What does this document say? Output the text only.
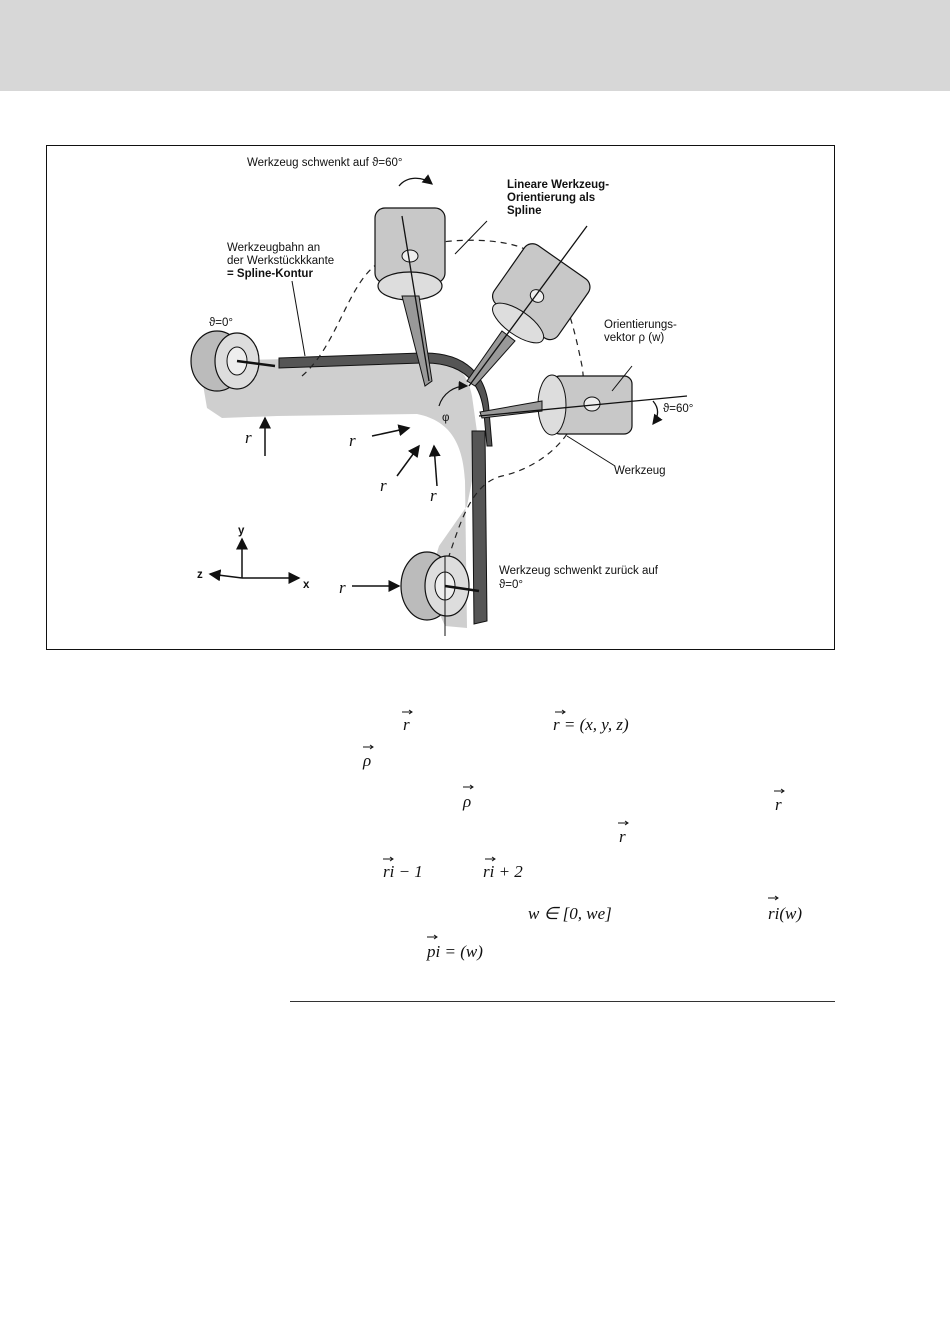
Werkzeug schwenkt auf ϑ=60°
Lineare Werkzeug-
Orientierung als
Spline
Werkzeugbahn an
der Werkstückkkante
= Spline-Kontur
ϑ=0°	Orientierungs-
vektor ρ (w)
ϑ=60°
φ
Werkzeug
Werkzeug schwenkt zurück auf
ϑ=0°
y
z
x
r	r
r
r
r
r	r = (x, y, z)
ρ
ρ	r
r
ri − 1	ri + 2
w ∈ [0, we]	ri(w)
pi = (w)
